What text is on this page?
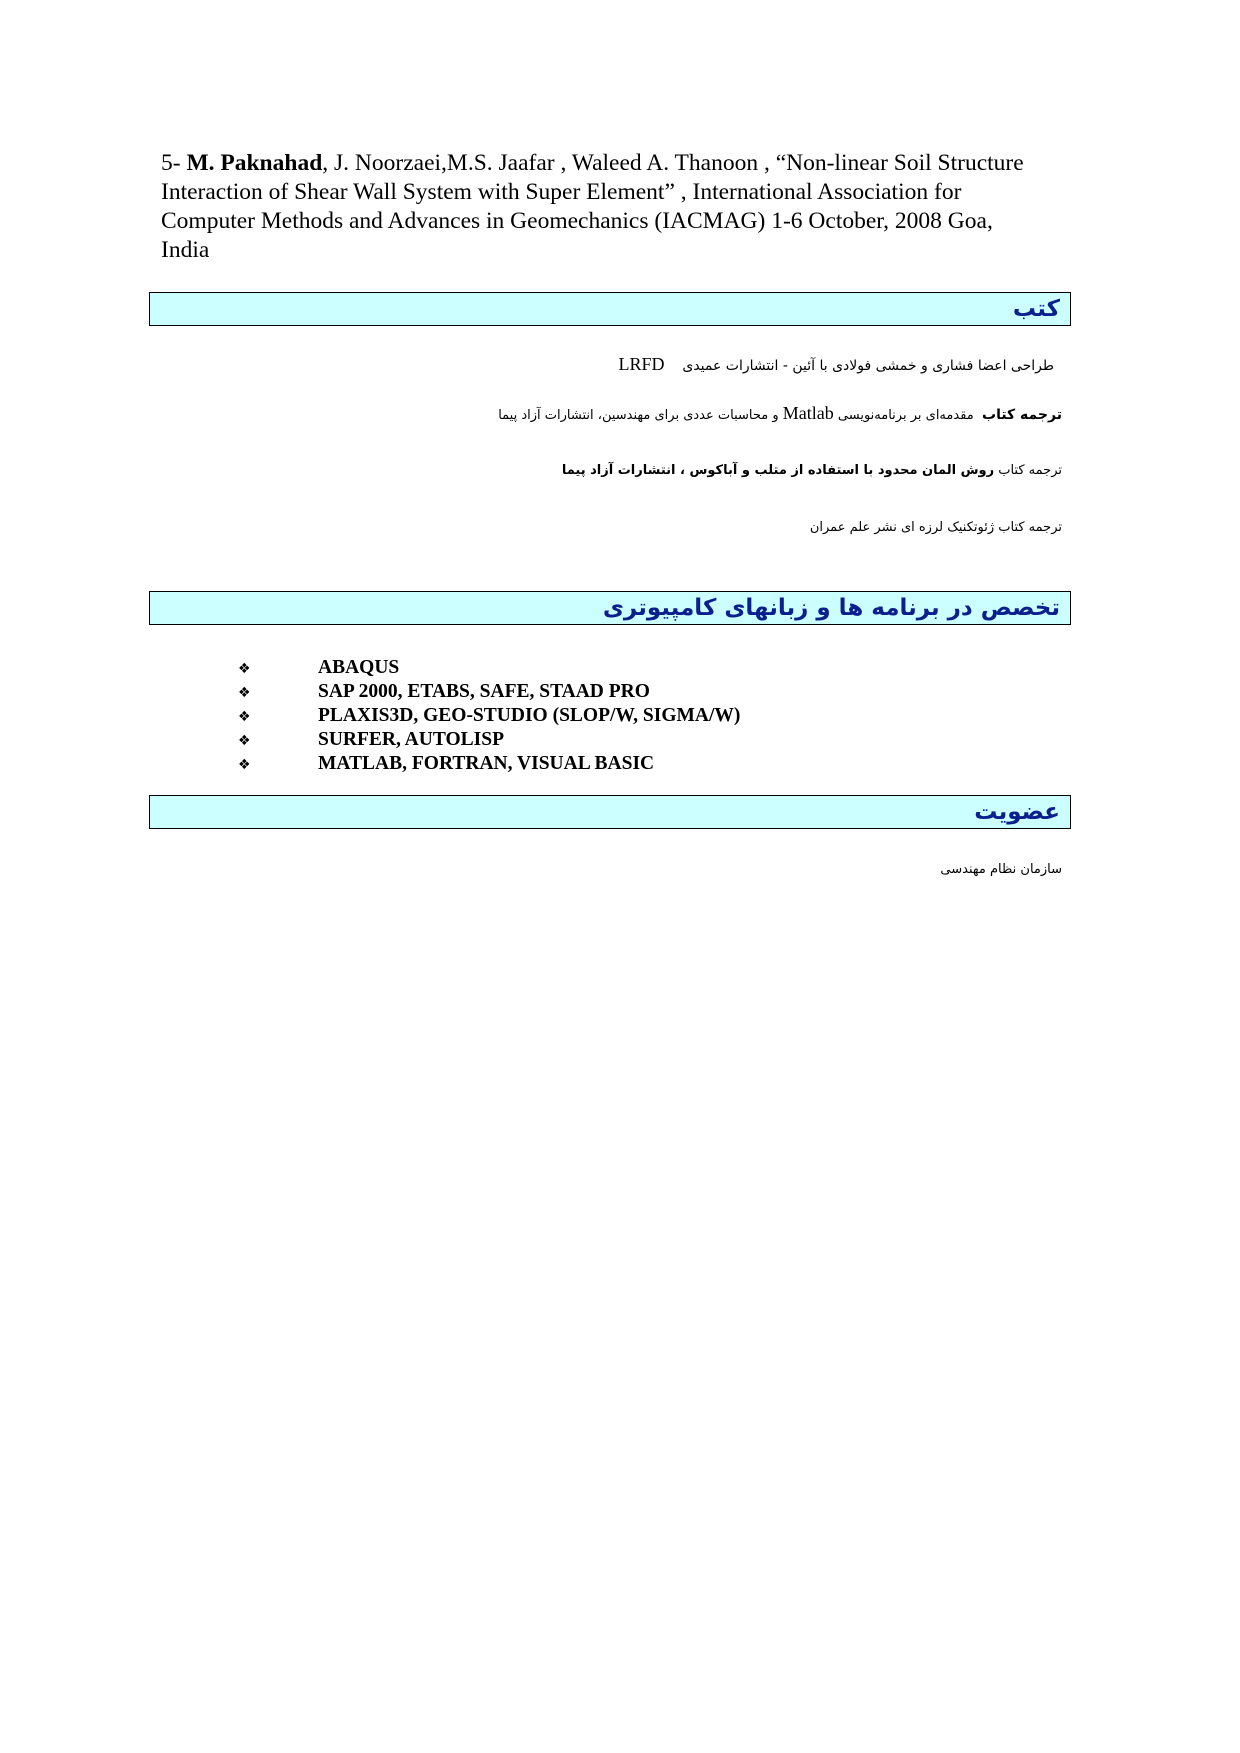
5- M. Paknahad, J. Noorzaei,M.S. Jaafar , Waleed A. Thanoon , “Non-linear Soil Structure Interaction of Shear Wall System with Super Element” , International Association for Computer Methods and Advances in Geomechanics (IACMAG) 1-6 October, 2008 Goa, India
کتب
طراحی اعضا فشاری و خمشی فولادی با آئین - انتشارات عمیدی    LRFD
ترجمه کتاب  مقدمه‌ای بر برنامه‌نویسی Matlab و محاسبات عددی برای مهندسین، انتشارات آزاد پیما
ترجمه کتاب روش المان محدود با استفاده از متلب و آباکوس ، انتشارات آزاد پیما
ترجمه کتاب ژئوتکنیک لرزه ای نشر علم عمران
تخصص در برنامه ها و زبانهای کامپیوتری
❖	ABAQUS
❖	SAP 2000, ETABS, SAFE, STAAD PRO
❖	PLAXIS3D, GEO-STUDIO (SLOP/W, SIGMA/W)
❖	SURFER, AUTOLISP
❖	MATLAB, FORTRAN, VISUAL BASIC
عضویت
سازمان نظام مهندسی
